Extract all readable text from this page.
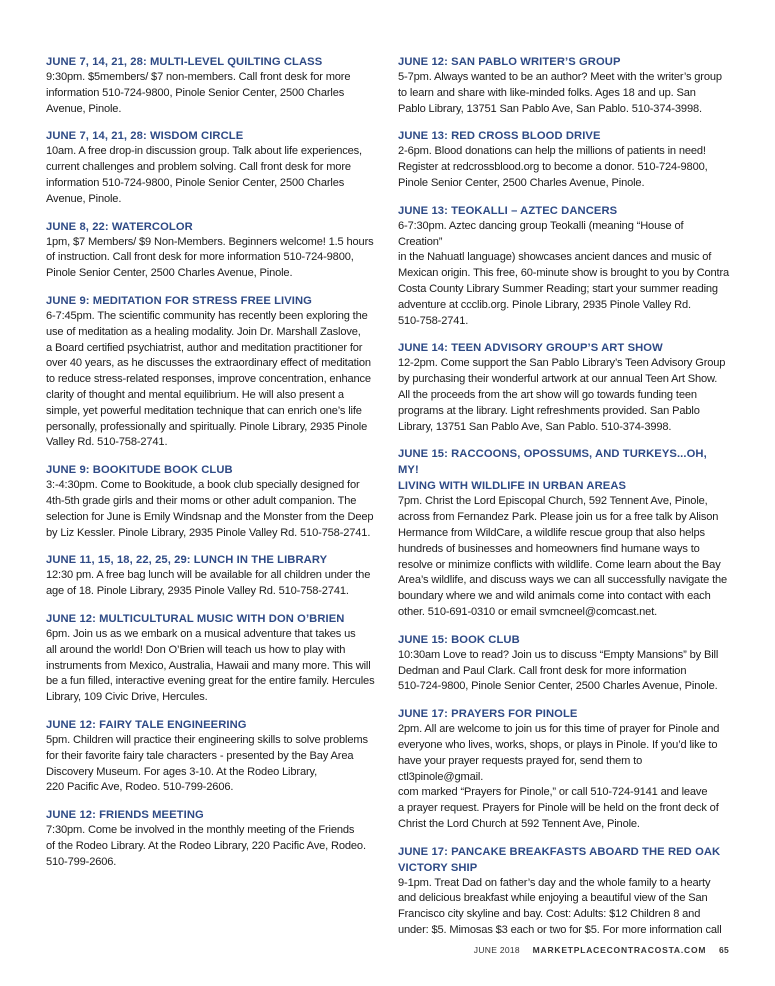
JUNE 7, 14, 21, 28: MULTI-LEVEL QUILTING CLASS
9:30pm. $5members/ $7 non-members. Call front desk for more
information 510-724-9800, Pinole Senior Center, 2500 Charles
Avenue, Pinole.
JUNE 7, 14, 21, 28: WISDOM CIRCLE
10am. A free drop-in discussion group. Talk about life experiences,
current challenges and problem solving. Call front desk for more
information 510-724-9800, Pinole Senior Center, 2500 Charles
Avenue, Pinole.
JUNE 8, 22: WATERCOLOR
1pm, $7 Members/ $9 Non-Members. Beginners welcome! 1.5 hours
of instruction. Call front desk for more information 510-724-9800,
Pinole Senior Center, 2500 Charles Avenue, Pinole.
JUNE 9: MEDITATION FOR STRESS FREE LIVING
6-7:45pm. The scientific community has recently been exploring the
use of meditation as a healing modality. Join Dr. Marshall Zaslove,
a Board certified psychiatrist, author and meditation practitioner for
over 40 years, as he discusses the extraordinary effect of meditation
to reduce stress-related responses, improve concentration, enhance
clarity of thought and mental equilibrium. He will also present a
simple, yet powerful meditation technique that can enrich one’s life
personally, professionally and spiritually. Pinole Library, 2935 Pinole
Valley Rd. 510-758-2741.
JUNE 9: BOOKITUDE BOOK CLUB
3:-4:30pm. Come to Bookitude, a book club specially designed for
4th-5th grade girls and their moms or other adult companion. The
selection for June is Emily Windsnap and the Monster from the Deep
by Liz Kessler. Pinole Library, 2935 Pinole Valley Rd. 510-758-2741.
JUNE 11, 15, 18, 22, 25, 29: LUNCH IN THE LIBRARY
12:30 pm. A free bag lunch will be available for all children under the
age of 18. Pinole Library, 2935 Pinole Valley Rd. 510-758-2741.
JUNE 12: MULTICULTURAL MUSIC WITH DON O’BRIEN
6pm. Join us as we embark on a musical adventure that takes us
all around the world! Don O’Brien will teach us how to play with
instruments from Mexico, Australia, Hawaii and many more. This will
be a fun filled, interactive evening great for the entire family. Hercules
Library, 109 Civic Drive, Hercules.
JUNE 12: FAIRY TALE ENGINEERING
5pm. Children will practice their engineering skills to solve problems
for their favorite fairy tale characters - presented by the Bay Area
Discovery Museum. For ages 3-10. At the Rodeo Library,
220 Pacific Ave, Rodeo. 510-799-2606.
JUNE 12: FRIENDS MEETING
7:30pm. Come be involved in the monthly meeting of the Friends
of the Rodeo Library. At the Rodeo Library, 220 Pacific Ave, Rodeo.
510-799-2606.
JUNE 12: SAN PABLO WRITER’S GROUP
5-7pm. Always wanted to be an author? Meet with the writer’s group
to learn and share with like-minded folks. Ages 18 and up. San
Pablo Library, 13751 San Pablo Ave, San Pablo. 510-374-3998.
JUNE 13: RED CROSS BLOOD DRIVE
2-6pm. Blood donations can help the millions of patients in need!
Register at redcrossblood.org to become a donor. 510-724-9800,
Pinole Senior Center, 2500 Charles Avenue, Pinole.
JUNE 13: TEOKALLI – AZTEC DANCERS
6-7:30pm. Aztec dancing group Teokalli (meaning “House of Creation”
in the Nahuatl language) showcases ancient dances and music of
Mexican origin. This free, 60-minute show is brought to you by Contra
Costa County Library Summer Reading; start your summer reading
adventure at ccclib.org. Pinole Library, 2935 Pinole Valley Rd.
510-758-2741.
JUNE 14: TEEN ADVISORY GROUP’S ART SHOW
12-2pm. Come support the San Pablo Library’s Teen Advisory Group
by purchasing their wonderful artwork at our annual Teen Art Show.
All the proceeds from the art show will go towards funding teen
programs at the library. Light refreshments provided. San Pablo
Library, 13751 San Pablo Ave, San Pablo. 510-374-3998.
JUNE 15: RACCOONS, OPOSSUMS, AND TURKEYS...OH, MY!
LIVING WITH WILDLIFE IN URBAN AREAS
7pm. Christ the Lord Episcopal Church, 592 Tennent Ave, Pinole,
across from Fernandez Park. Please join us for a free talk by Alison
Hermance from WildCare, a wildlife rescue group that also helps
hundreds of businesses and homeowners find humane ways to
resolve or minimize conflicts with wildlife. Come learn about the Bay
Area’s wildlife, and discuss ways we can all successfully navigate the
boundary where we and wild animals come into contact with each
other. 510-691-0310 or email svmcneel@comcast.net.
JUNE 15: BOOK CLUB
10:30am Love to read? Join us to discuss “Empty Mansions” by Bill
Dedman and Paul Clark. Call front desk for more information
510-724-9800, Pinole Senior Center, 2500 Charles Avenue, Pinole.
JUNE 17: PRAYERS FOR PINOLE
2pm. All are welcome to join us for this time of prayer for Pinole and
everyone who lives, works, shops, or plays in Pinole. If you’d like to
have your prayer requests prayed for, send them to ctl3pinole@gmail.
com marked “Prayers for Pinole,” or call 510-724-9141 and leave
a prayer request. Prayers for Pinole will be held on the front deck of
Christ the Lord Church at 592 Tennent Ave, Pinole.
JUNE 17: PANCAKE BREAKFASTS ABOARD THE RED OAK
VICTORY SHIP
9-1pm. Treat Dad on father’s day and the whole family to a hearty
and delicious breakfast while enjoying a beautiful view of the San
Francisco city skyline and bay. Cost: Adults: $12 Children 8 and
under: $5. Mimosas $3 each or two for $5. For more information call
JUNE 2018 MARKETPLACECONTRACOSTA.COM 65
